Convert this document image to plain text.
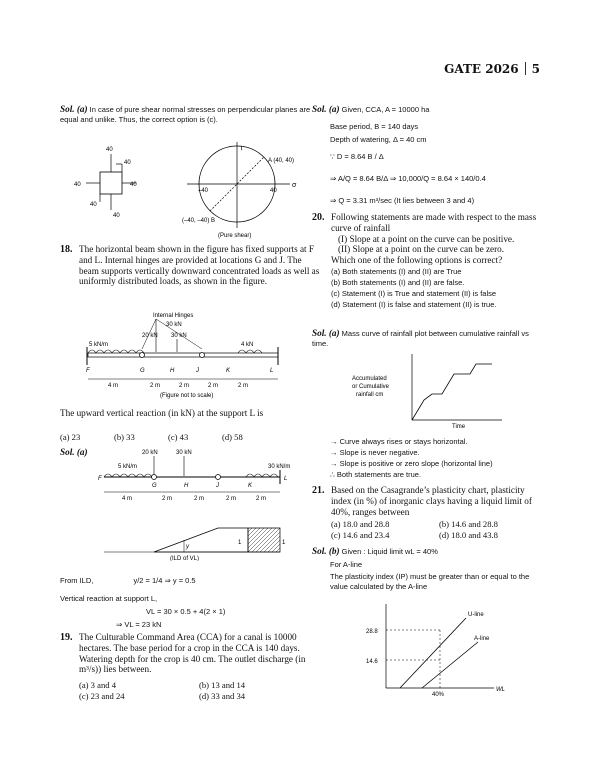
GATE 2026 5
Sol. (a) In case of pure shear normal stresses on perpendicular planes are equal and unlike. Thus, the correct option is (c).
40
40
40	40
40
40
A (40, 40)
(–40, –40) B
–40	40
σ
τ
(Pure shear)
18. The horizontal beam shown in the figure has fixed supports at F and L. Internal hinges are provided at locations G and J. The beam supports vertically downward concentrated loads as well as uniformly distributed loads, as shown in the figure.
Internal Hinges
30 kN
20 kN 30 kN
5 kN/m	4 kN
F	G	H	J	K	L
4 m	2 m	2 m	2 m	2 m
(Figure not to scale)
The upward vertical reaction (in kN) at the support L is
(a) 23	(b) 33	(c) 43	(d) 58
Sol. (a)	20 kN	30 kN
5 kN/m	30 kN/m
F
G	H	J	K
L
4 m	2 m	2 m	2 m	2 m
y
1	1
(ILD of VL)
From ILD,	y/2 = 1/4 ⇒ y = 0.5
Vertical reaction at support L,
VL = 30 × 0.5 + 4(2 × 1)
⇒ VL = 23 kN
19. The Culturable Command Area (CCA) for a canal is 10000 hectares. The base period for a crop in the CCA is 140 days. Watering depth for the crop is 40 cm. The outlet discharge (in m³/s)) lies between.
(a) 3 and 4	(b) 13 and 14
(c) 23 and 24	(d) 33 and 34
Sol. (a) Given, CCA, A = 10000 ha
Base period, B = 140 days
Depth of watering, Δ = 40 cm
∵ D = 8.64 B / Δ
⇒ A/Q = 8.64 B/Δ ⇒ 10,000/Q = 8.64 × 140/0.4
⇒ Q = 3.31 m³/sec (It lies between 3 and 4)
20. Following statements are made with respect to the mass curve of rainfall
(I) Slope at a point on the curve can be positive.
(II) Slope at a point on the curve can be zero.
Which one of the following options is correct?
(a) Both statements (I) and (II) are True
(b) Both statements (I) and (II) are false.
(c) Statement (I) is True and statement (II) is false
(d) Statement (I) is false and statement (II) is true.
Sol. (a) Mass curve of rainfall plot between cumulative rainfall vs time.
Accumulated
or Cumulative
rainfall cm
Time
→ Curve always rises or stays horizontal.
→ Slope is never negative.
→ Slope is positive or zero slope (horizontal line)
∴ Both statements are true.
21. Based on the Casagrande’s plasticity chart, plasticity index (in %) of inorganic clays having a liquid limit of 40%, ranges between
(a) 18.0 and 28.8	(b) 14.6 and 28.8
(c) 14.6 and 23.4	(d) 18.0 and 43.8
Sol. (b) Given : Liquid limit wL = 40%
For A-line
The plasticity index (IP) must be greater than or equal to the value calculated by the A-line
28.8
14.6
40%
U-line
A-line
WL
